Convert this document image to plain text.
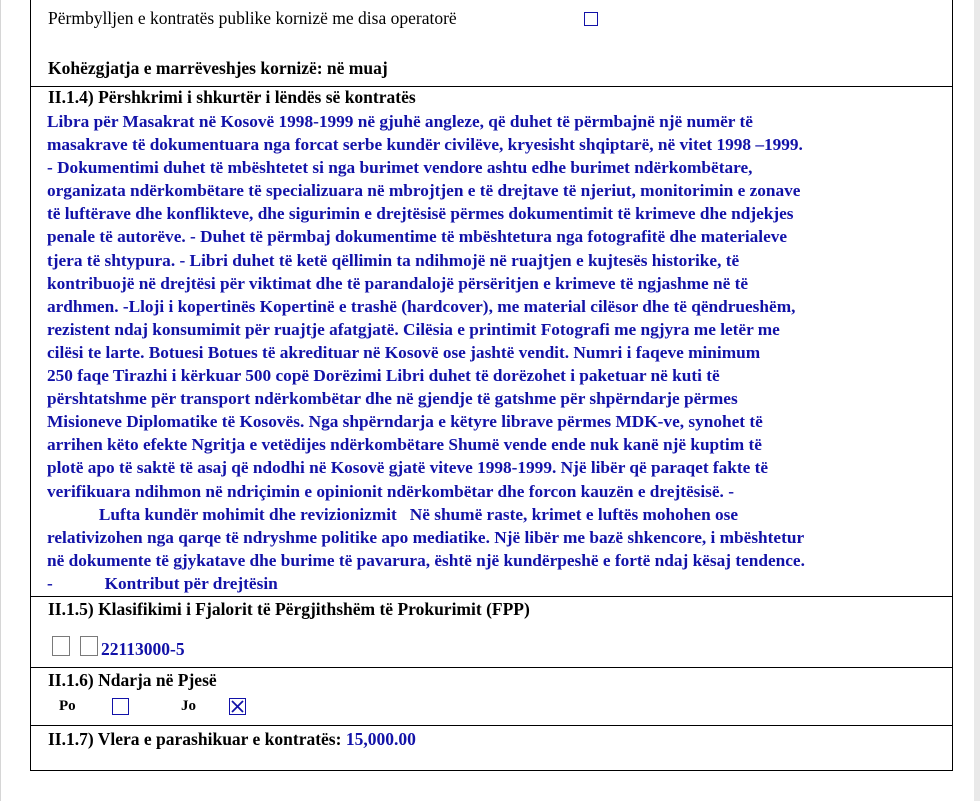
Përmbylljen e kontratës publike kornizë me disa operatorë
Kohëzgjatja e marrëveshjes kornizë: në muaj
II.1.4) Përshkrimi i shkurtër i lëndës së kontratës
Libra për Masakrat në Kosovë 1998-1999 në gjuhë angleze, që duhet të përmbajnë një numër të
masakrave të dokumentuara nga forcat serbe kundër civilëve, kryesisht shqiptarë, në vitet 1998 –1999.
- Dokumentimi duhet të mbështetet si nga burimet vendore ashtu edhe burimet ndërkombëtare,
organizata ndërkombëtare të specializuara në mbrojtjen e të drejtave të njeriut, monitorimin e zonave
të luftërave dhe konflikteve, dhe sigurimin e drejtësisë përmes dokumentimit të krimeve dhe ndjekjes
penale të autorëve. - Duhet të përmbaj dokumentime të mbështetura nga fotografitë dhe materialeve
tjera të shtypura. - Libri duhet të ketë qëllimin ta ndihmojë në ruajtjen e kujtesës historike, të
kontribuojë në drejtësi për viktimat dhe të parandalojë përsëritjen e krimeve të ngjashme në të
ardhmen. -Lloji i kopertinës Kopertinë e trashë (hardcover), me material cilësor dhe të qëndrueshëm,
rezistent ndaj konsumimit për ruajtje afatgjatë. Cilësia e printimit Fotografi me ngjyra me letër me
cilësi te larte. Botuesi Botues të akredituar në Kosovë ose jashtë vendit. Numri i faqeve minimum
250 faqe Tirazhi i kërkuar 500 copë Dorëzimi Libri duhet të dorëzohet i paketuar në kuti të
përshtatshme për transport ndërkombëtar dhe në gjendje të gatshme për shpërndarje përmes
Misioneve Diplomatike të Kosovës. Nga shpërndarja e këtyre librave përmes MDK-ve, synohet të
arrihen këto efekte Ngritja e vetëdijes ndërkombëtare Shumë vende ende nuk kanë një kuptim të
plotë apo të saktë të asaj që ndodhi në Kosovë gjatë viteve 1998-1999. Një libër që paraqet fakte të
verifikuara ndihmon në ndriçimin e opinionit ndërkombëtar dhe forcon kauzën e drejtësisë. -
Lufta kundër mohimit dhe revizionizmit   Në shumë raste, krimet e luftës mohohen ose
relativizohen nga qarqe të ndryshme politike apo mediatike. Një libër me bazë shkencore, i mbështetur
në dokumente të gjykatave dhe burime të pavarura, është një kundërpeshë e fortë ndaj kësaj tendence.
-            Kontribut për drejtësin
II.1.5) Klasifikimi i Fjalorit të Përgjithshëm të Prokurimit (FPP)
22113000-5
II.1.6) Ndarja në Pjesë
Po	Jo
II.1.7) Vlera e parashikuar e kontratës: 15,000.00
